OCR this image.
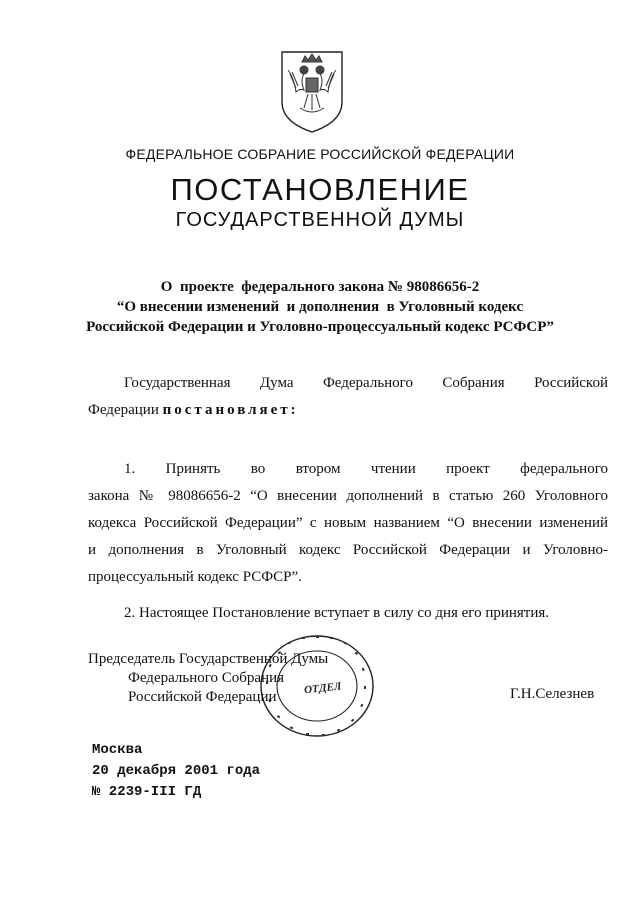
ФЕДЕРАЛЬНОЕ СОБРАНИЕ РОССИЙСКОЙ ФЕДЕРАЦИИ
ПОСТАНОВЛЕНИЕ
ГОСУДАРСТВЕННОЙ ДУМЫ
О  проекте  федерального закона № 98086656-2
“О внесении изменений  и дополнения  в Уголовный кодекс
Российской Федерации и Уголовно-процессуальный кодекс РСФСР”
Государственная Дума Федерального Собрания Российской
Федерации постановляет:
1. Принять во втором чтении проект федерального
закона № 98086656-2 “О внесении дополнений в статью 260 Уголовного
кодекса Российской Федерации” с новым названием “О внесении изменений
и дополнения в Уголовный кодекс Российской Федерации и Уголовно-
процессуальный кодекс РСФСР”.
2. Настоящее Постановление вступает в силу со дня его принятия.
ОТДЕЛ
Председатель Государственной Думы
Федерального Собрания
Российской Федерации	Г.Н.Селезнев
Москва
20 декабря 2001 года
№ 2239-III ГД
